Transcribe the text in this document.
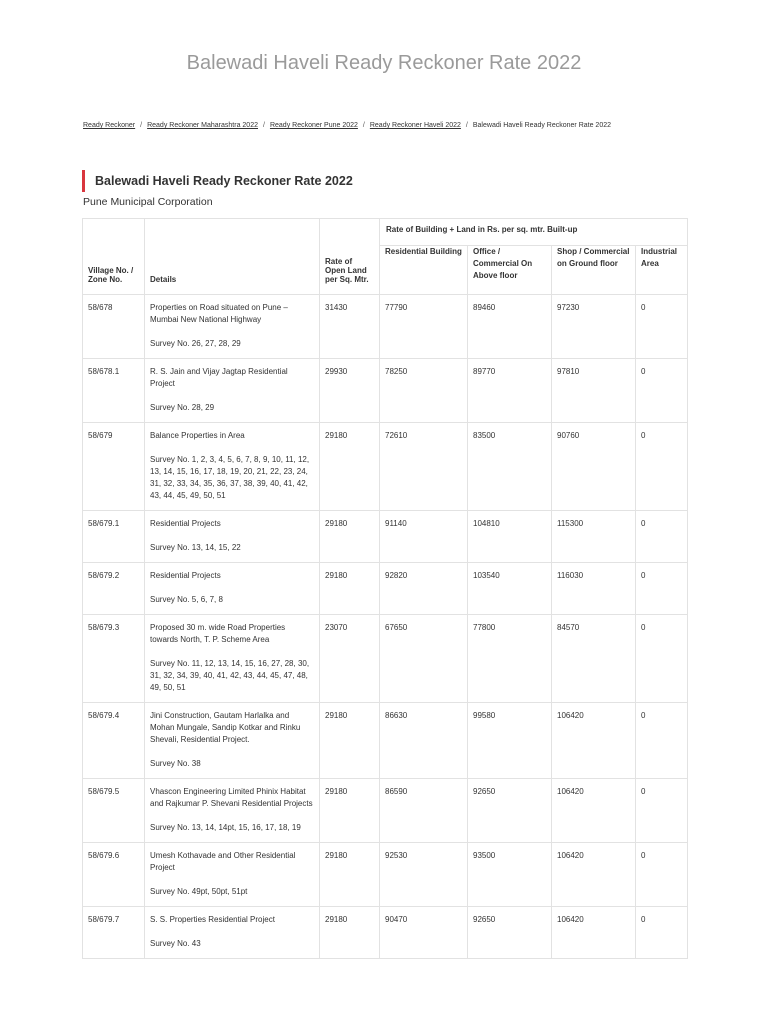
Balewadi Haveli Ready Reckoner Rate 2022
Ready Reckoner / Ready Reckoner Maharashtra 2022 / Ready Reckoner Pune 2022 / Ready Reckoner Haveli 2022 / Balewadi Haveli Ready Reckoner Rate 2022
Balewadi Haveli Ready Reckoner Rate 2022
Pune Municipal Corporation
Village No. / Zone No.	Details	Rate of Open Land per Sq. Mtr.	Rate of Building + Land in Rs. per sq. mtr. Built-up			
			Residential Building	Office / Commercial On Above floor	Shop / Commercial on Ground floor	Industrial Area
58/678	Properties on Road situated on Pune – Mumbai New National Highway
Survey No. 26, 27, 28, 29	31430	77790	89460	97230	0
58/678.1	R. S. Jain and Vijay Jagtap Residential Project
Survey No. 28, 29	29930	78250	89770	97810	0
58/679	Balance Properties in Area
Survey No. 1, 2, 3, 4, 5, 6, 7, 8, 9, 10, 11, 12, 13, 14, 15, 16, 17, 18, 19, 20, 21, 22, 23, 24, 31, 32, 33, 34, 35, 36, 37, 38, 39, 40, 41, 42, 43, 44, 45, 49, 50, 51	29180	72610	83500	90760	0
58/679.1	Residential Projects
Survey No. 13, 14, 15, 22	29180	91140	104810	115300	0
58/679.2	Residential Projects
Survey No. 5, 6, 7, 8	29180	92820	103540	116030	0
58/679.3	Proposed 30 m. wide Road Properties towards North, T. P. Scheme Area
Survey No. 11, 12, 13, 14, 15, 16, 27, 28, 30, 31, 32, 34, 39, 40, 41, 42, 43, 44, 45, 47, 48, 49, 50, 51	23070	67650	77800	84570	0
58/679.4	Jini Construction, Gautam Harlalka and Mohan Mungale, Sandip Kotkar and Rinku Shevali, Residential Project.
Survey No. 38	29180	86630	99580	106420	0
58/679.5	Vhascon Engineering Limited Phinix Habitat and Rajkumar P. Shevani Residential Projects
Survey No. 13, 14, 14pt, 15, 16, 17, 18, 19	29180	86590	92650	106420	0
58/679.6	Umesh Kothavade and Other Residential Project
Survey No. 49pt, 50pt, 51pt	29180	92530	93500	106420	0
58/679.7	S. S. Properties Residential Project
Survey No. 43	29180	90470	92650	106420	0
